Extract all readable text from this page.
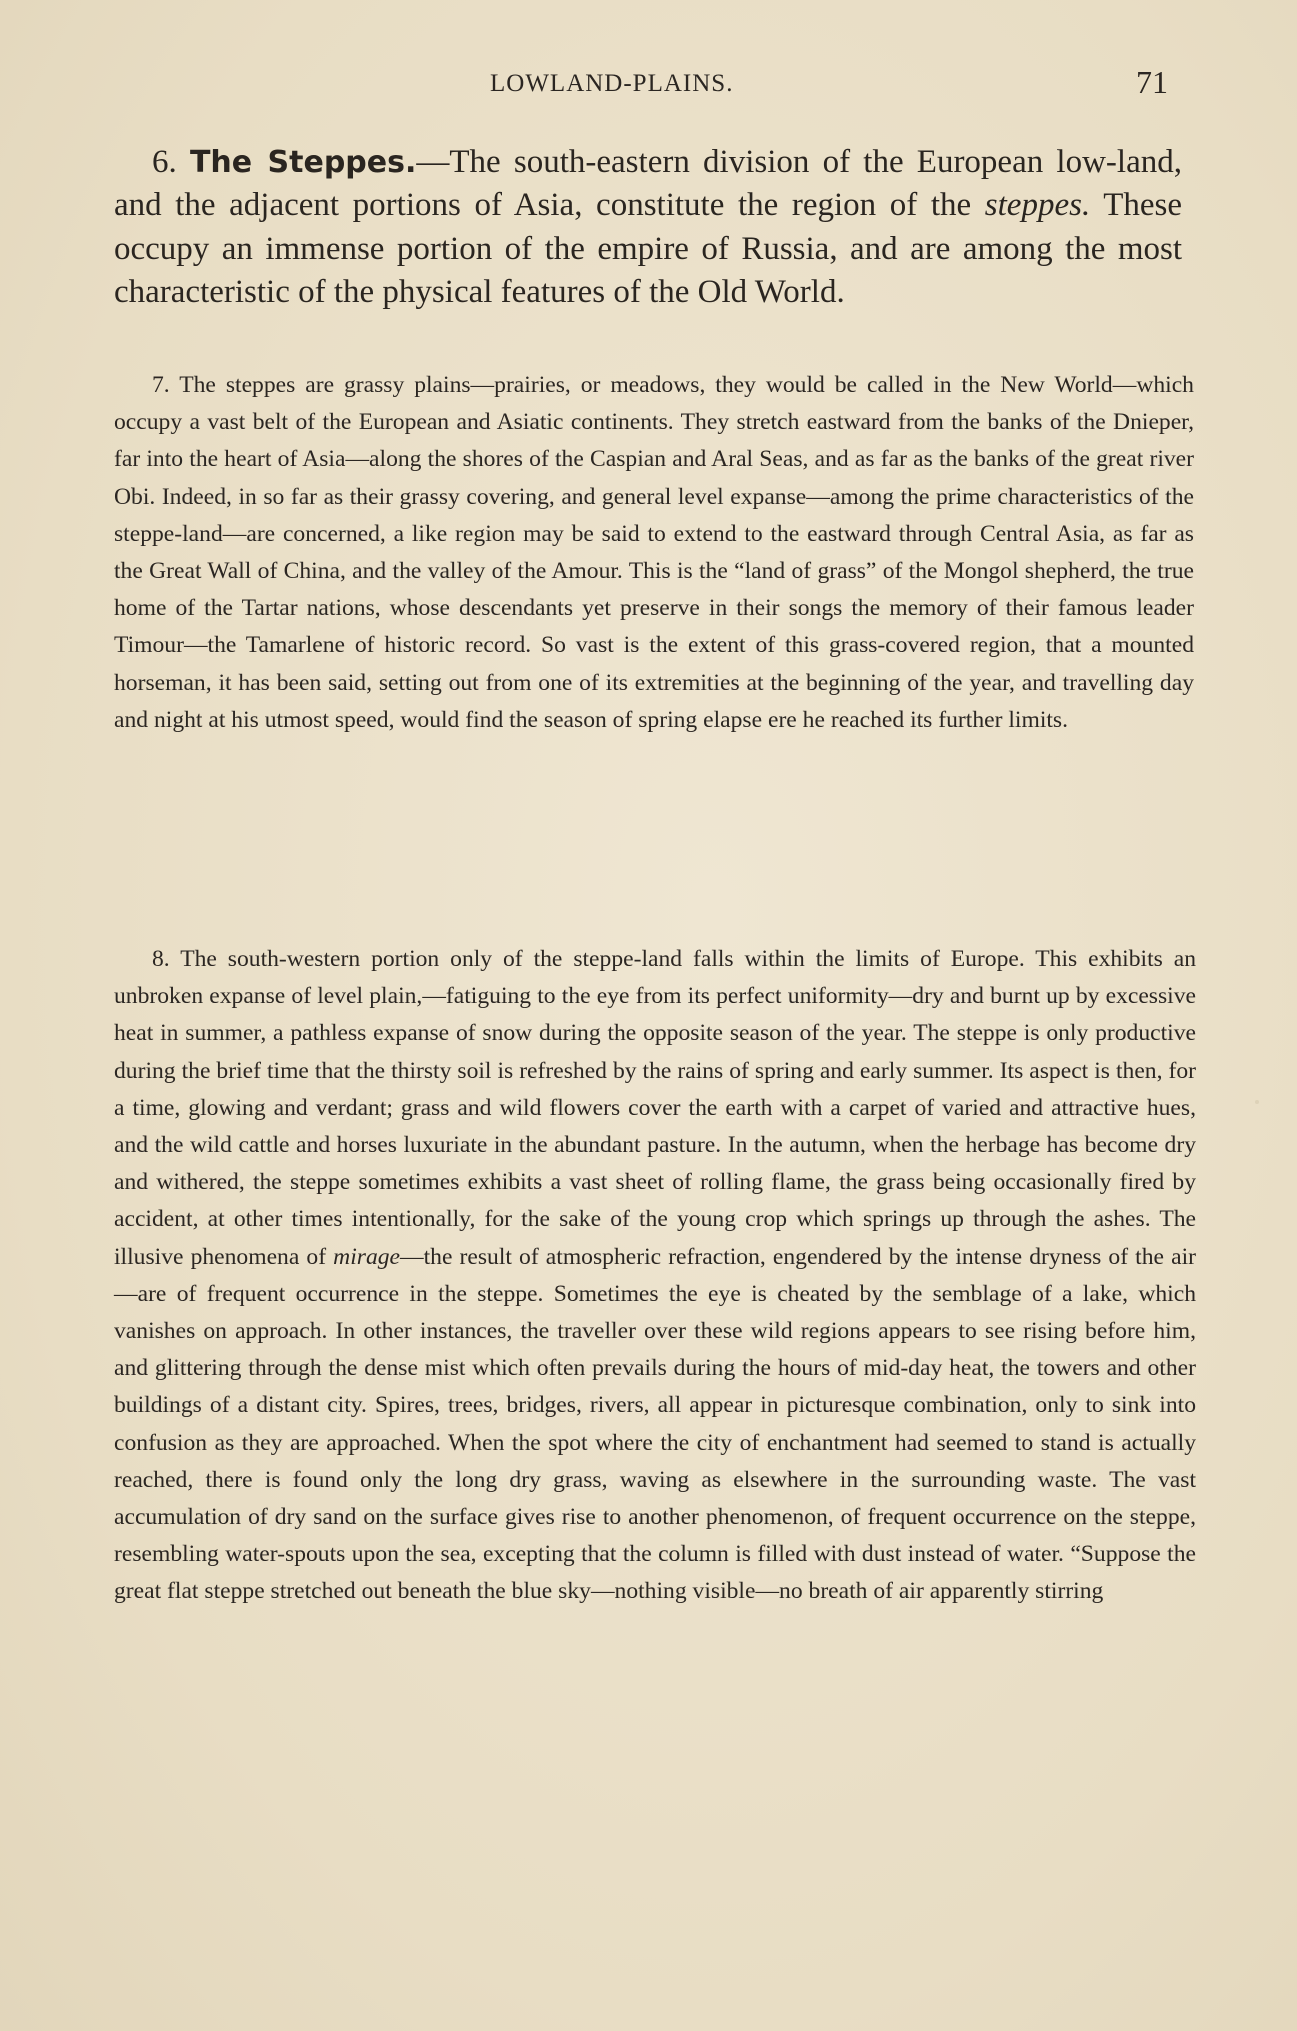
LOWLAND-PLAINS.	71
6. The Steppes.—The south-eastern division of the European low-land, and the adjacent portions of Asia, constitute the region of the steppes. These occupy an immense portion of the empire of Russia, and are among the most characteristic of the physical features of the Old World.
7. The steppes are grassy plains—prairies, or meadows, they would be called in the New World—which occupy a vast belt of the European and Asiatic continents. They stretch eastward from the banks of the Dnieper, far into the heart of Asia—along the shores of the Caspian and Aral Seas, and as far as the banks of the great river Obi. Indeed, in so far as their grassy covering, and general level expanse—among the prime characteristics of the steppe-land—are concerned, a like region may be said to extend to the eastward through Central Asia, as far as the Great Wall of China, and the valley of the Amour. This is the “land of grass” of the Mongol shepherd, the true home of the Tartar nations, whose descendants yet preserve in their songs the memory of their famous leader Timour—the Tamarlene of historic record. So vast is the extent of this grass-covered region, that a mounted horseman, it has been said, setting out from one of its extremities at the beginning of the year, and travelling day and night at his utmost speed, would find the season of spring elapse ere he reached its further limits.
8. The south-western portion only of the steppe-land falls within the limits of Europe. This exhibits an unbroken expanse of level plain,—fatiguing to the eye from its perfect uniformity—dry and burnt up by excessive heat in summer, a pathless expanse of snow during the opposite season of the year. The steppe is only productive during the brief time that the thirsty soil is refreshed by the rains of spring and early summer. Its aspect is then, for a time, glowing and verdant; grass and wild flowers cover the earth with a carpet of varied and attractive hues, and the wild cattle and horses luxuriate in the abundant pasture. In the autumn, when the herbage has become dry and withered, the steppe sometimes exhibits a vast sheet of rolling flame, the grass being occasionally fired by accident, at other times intentionally, for the sake of the young crop which springs up through the ashes. The illusive phenomena of mirage—the result of atmospheric refraction, engendered by the intense dryness of the air—are of frequent occurrence in the steppe. Sometimes the eye is cheated by the semblage of a lake, which vanishes on approach. In other instances, the traveller over these wild regions appears to see rising before him, and glittering through the dense mist which often prevails during the hours of mid-day heat, the towers and other buildings of a distant city. Spires, trees, bridges, rivers, all appear in picturesque combination, only to sink into confusion as they are approached. When the spot where the city of enchantment had seemed to stand is actually reached, there is found only the long dry grass, waving as elsewhere in the surrounding waste. The vast accumulation of dry sand on the surface gives rise to another phenomenon, of frequent occurrence on the steppe, resembling water-spouts upon the sea, excepting that the column is filled with dust instead of water. “Suppose the great flat steppe stretched out beneath the blue sky—nothing visible—no breath of air apparently stirring
